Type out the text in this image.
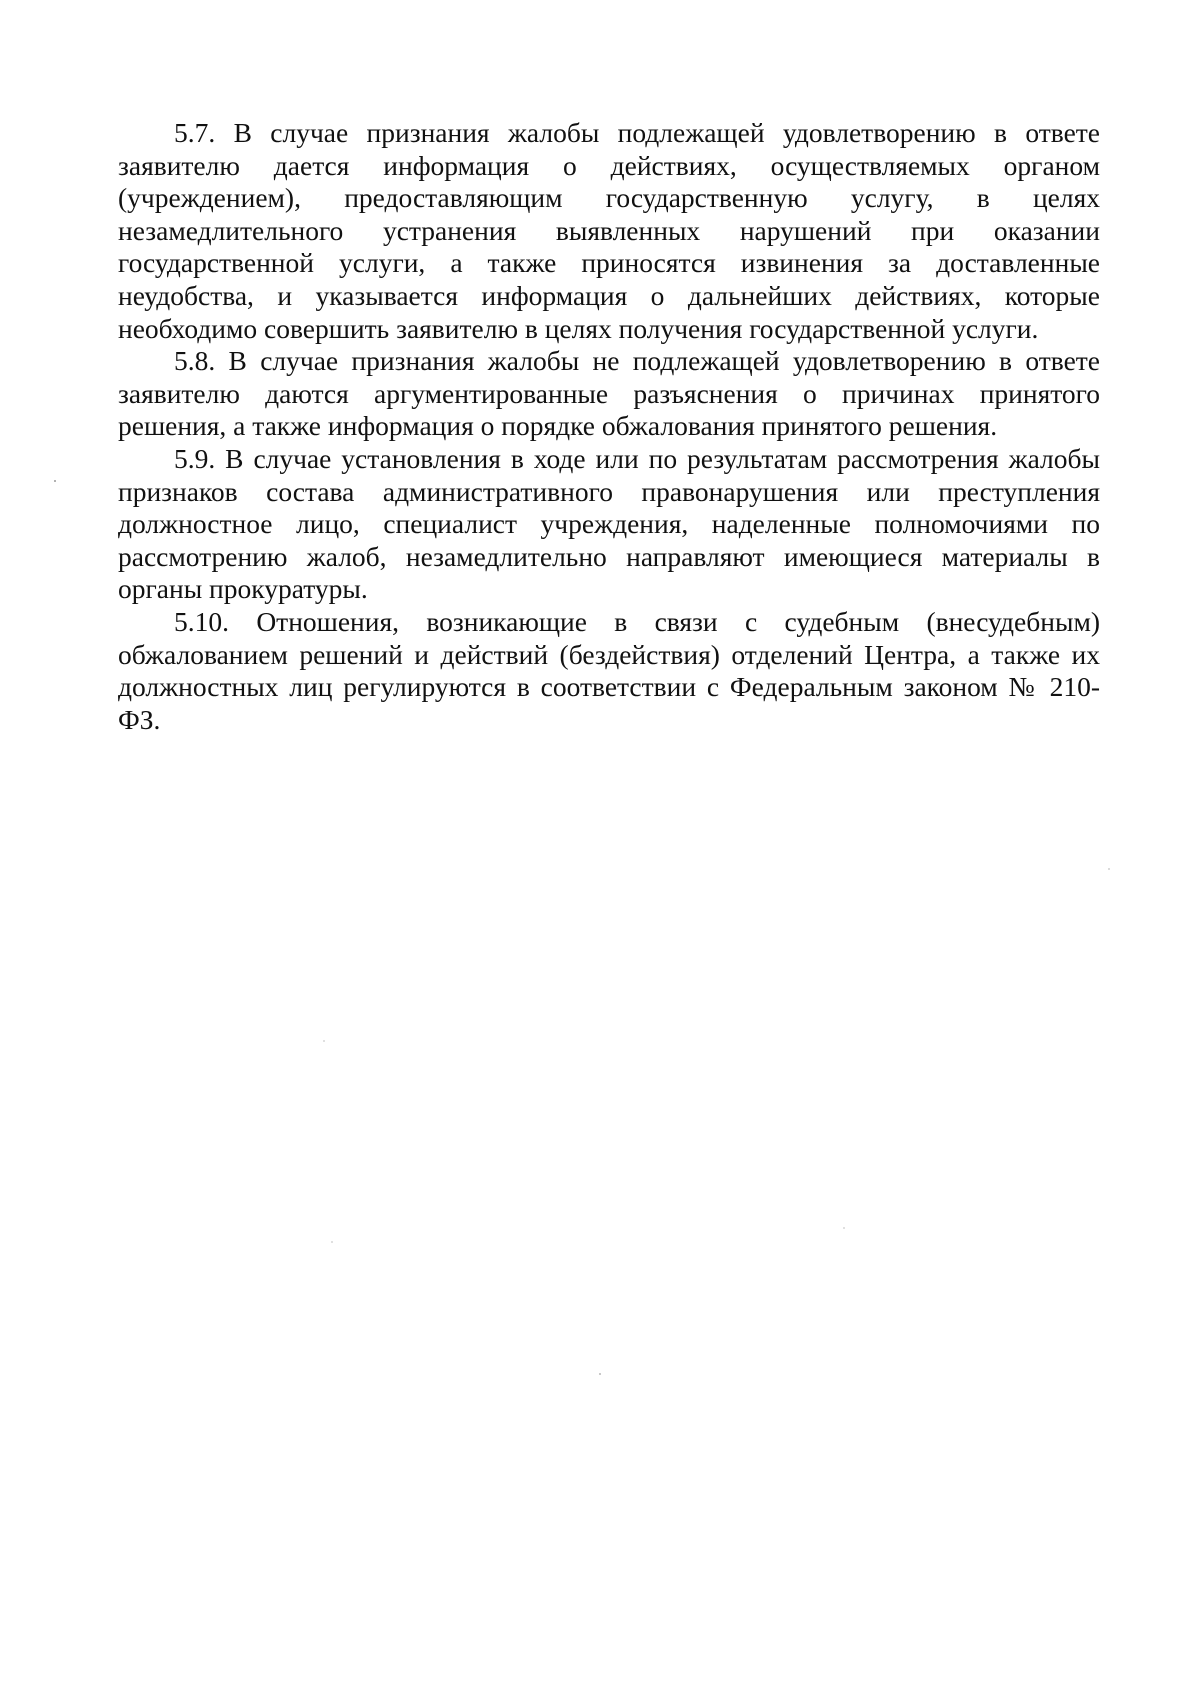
5.7. В случае признания жалобы подлежащей удовлетворению в ответе заявителю дается информация о действиях, осуществляемых органом (учреждением), предоставляющим государственную услугу, в целях незамедлительного устранения выявленных нарушений при оказании государственной услуги, а также приносятся извинения за доставленные неудобства, и указывается информация о дальнейших действиях, которые необходимо совершить заявителю в целях получения государственной услуги.

5.8. В случае признания жалобы не подлежащей удовлетворению в ответе заявителю даются аргументированные разъяснения о причинах принятого решения, а также информация о порядке обжалования принятого решения.

5.9. В случае установления в ходе или по результатам рассмотрения жалобы признаков состава административного правонарушения или преступления должностное лицо, специалист учреждения, наделенные полномочиями по рассмотрению жалоб, незамедлительно направляют имеющиеся материалы в органы прокуратуры.

5.10. Отношения, возникающие в связи с судебным (внесудебным) обжалованием решений и действий (бездействия) отделений Центра, а также их должностных лиц регулируются в соответствии с Федеральным законом № 210-ФЗ.
